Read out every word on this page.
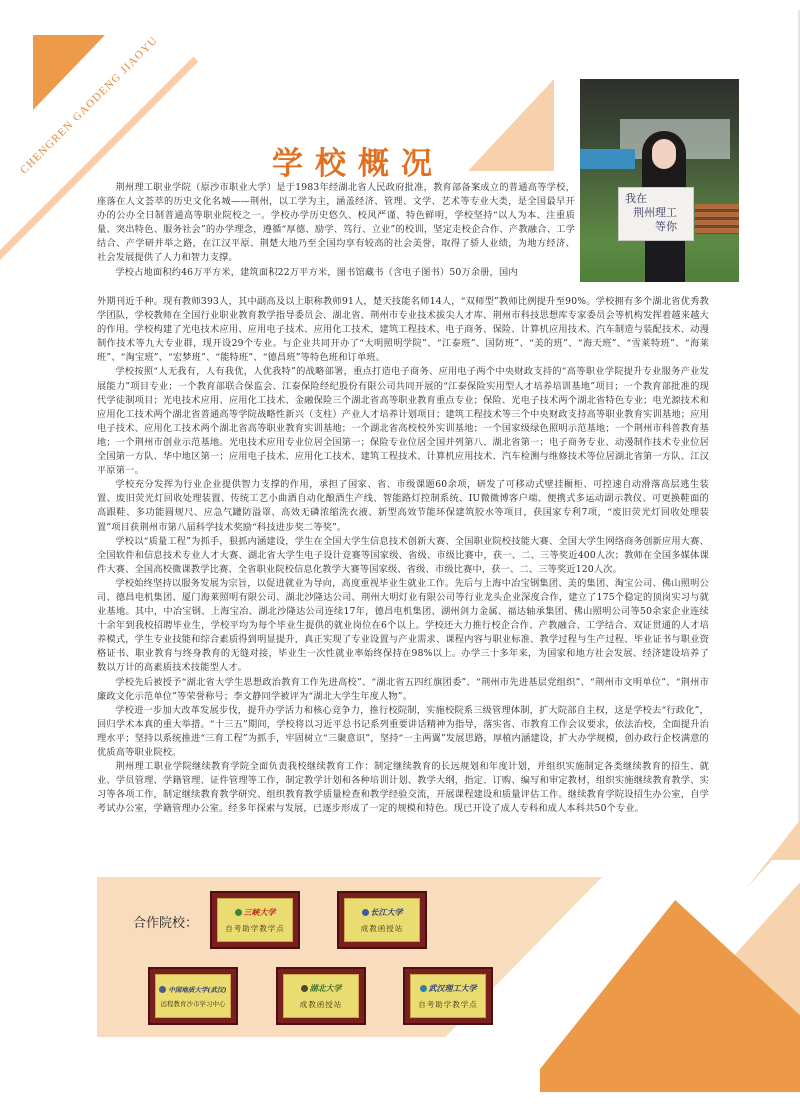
CHENGREN GAODENG JIAOYU	学校概况
我在
荆州理工
等你

荆州理工职业学院（原沙市职业大学）是于1983年经湖北省人民政府批准，教育部备案成立的普通高等学校，座落在人文荟萃的历史文化名城——荆州，以工学为主，涵盖经济、管理、文学、艺术等专业大类，是全国最早开办的公办全日制普通高等职业院校之一。学校办学历史悠久、校风严谨、特色鲜明，学校坚持“以人为本、注重质量、突出特色、服务社会”的办学理念，遵循“厚德、励学、笃行、立业”的校训，坚定走校企合作、产教融合、工学结合、产学研并举之路，在江汉平原、荆楚大地乃至全国均享有较高的社会美誉，取得了骄人业绩，为地方经济、社会发展提供了人力和智力支撑。

学校占地面积约46万平方米，建筑面积22万平方米，图书馆藏书（含电子图书）50万余册，国内

外期刊近千种。现有教师393人，其中副高及以上职称教师91人，楚天技能名师14人，“双师型”教师比例提升至90%。学校拥有多个湖北省优秀教学团队，学校教师在全国行业职业教育教学指导委员会、湖北省、荆州市专业技术拔尖人才库、荆州市科技思想库专家委员会等机构发挥着越来越大的作用。学校构建了光电技术应用、应用电子技术、应用化工技术、建筑工程技术、电子商务、保险、计算机应用技术、汽车制造与装配技术、动漫制作技术等九大专业群，现开设29个专业。与企业共同开办了“大明照明学院”、“江泰班”、国防班”、“美的班”、“海天班”、“雪莱特班”、“海莱班”、“淘宝班”、“宏梦班”、“能特班”、“德昌班”等特色班和订单班。

学校按照“人无我有，人有我优，人优我特”的战略部署，重点打造电子商务、应用电子两个中央财政支持的“高等职业学院提升专业服务产业发展能力”项目专业；一个教育部联合保监会、江泰保险经纪股份有限公司共同开展的“江泰保险实用型人才培养培训基地”项目；一个教育部批准的现代学徒制项目；光电技术应用、应用化工技术、金融保险三个湖北省高等职业教育重点专业；保险、光电子技术两个湖北省特色专业；电光源技术和应用化工技术两个湖北省普通高等学院战略性新兴（支柱）产业人才培养计划项目；建筑工程技术等三个中央财政支持高等职业教育实训基地；应用电子技术、应用化工技术两个湖北省高等职业教育实训基地；一个湖北省高校校外实训基地；一个国家级绿色照明示范基地；一个荆州市科普教育基地；一个荆州市创业示范基地。光电技术应用专业位居全国第一；保险专业位居全国并列第八、湖北省第一；电子商务专业、动漫制作技术专业位居全国第一方队、华中地区第一；应用电子技术、应用化工技术、建筑工程技术、计算机应用技术、汽车检测与维修技术等位居湖北省第一方队、江汉平原第一。

学校充分发挥为行业企业提供智力支撑的作用，承担了国家、省、市级课题60余项，研发了可移动式壁挂橱柜、可控速自动滑落高层逃生装置、废旧荧光灯回收处理装置、传统工艺小曲酒自动化酿酒生产线、智能路灯控制系统、IU微微博客户端、便携式多运动副示教仪、可更换鞋面的高跟鞋、多功能圆规尺、应急气罐防溢罩、高效无磷浓缩洗衣液、新型高效节能环保建筑胶水等项目，获国家专利7项，“废旧荧光灯回收处理装置”项目获荆州市第八届科学技术奖励“科技进步奖二等奖”。

学校以“质量工程”为抓手，狠抓内涵建设，学生在全国大学生信息技术创新大赛、全国职业院校技能大赛、全国大学生网络商务创新应用大赛、全国软件和信息技术专业人才大赛、湖北省大学生电子设计竞赛等国家级、省级、市级比赛中，获一、二、三等奖近400人次；教师在全国多媒体课件大赛、全国高校微课教学比赛、全省职业院校信息化教学大赛等国家级、省级、市级比赛中，获一、二、三等奖近120人次。

学校始终坚持以服务发展为宗旨，以促进就业为导向，高度重视毕业生就业工作。先后与上海中冶宝钢集团、美的集团、淘宝公司、佛山照明公司、德昌电机集团、厦门海莱照明有限公司、湖北沙隆达公司、荆州大明灯业有限公司等行业龙头企业深度合作，建立了175个稳定的顶岗实习与就业基地。其中，中冶宝钢、上海宝冶、湖北沙隆达公司连续17年，德昌电机集团、湖州剑力金属、福达轴承集团、佛山照明公司等50余家企业连续十余年到我校招聘毕业生，学校平均为每个毕业生提供的就业岗位在6个以上。学校还大力推行校企合作、产教融合、工学结合、双证贯通的人才培养模式，学生专业技能和综合素质得到明显提升，真正实现了专业设置与产业需求、课程内容与职业标准、教学过程与生产过程、毕业证书与职业资格证书、职业教育与终身教育的无缝对接，毕业生一次性就业率始终保持在98%以上。办学三十多年来，为国家和地方社会发展、经济建设培养了数以万计的高素质技术技能型人才。

学校先后被授予“湖北省大学生思想政治教育工作先进高校”、“湖北省五四红旗团委”、“荆州市先进基层党组织”、“荆州市文明单位”、“荆州市廉政文化示范单位”等荣誉称号；李文静同学被评为“湖北大学生年度人物”。

学校进一步加大改革发展步伐，提升办学活力和核心竞争力，推行校院制，实施校院系三级管理体制，扩大院部自主权，这是学校去“行政化”，回归学术本真的重大举措。“十三五”期间，学校将以习近平总书记系列重要讲话精神为指导，落实省、市教育工作会议要求，依法治校，全面提升治理水平；坚持以系统推进“三育工程”为抓手，牢固树立“三聚意识”，坚持“一主两翼”发展思路，厚植内涵建设，扩大办学规模，创办政行企校满意的优质高等职业院校。

荆州理工职业学院继续教育学院全面负责我校继续教育工作：制定继续教育的长远规划和年度计划，并组织实施制定各类继续教育的招生、就业、学员管理、学籍管理、证件管理等工作，制定教学计划和各种培训计划、教学大纲，指定、订购、编写和审定教材，组织实施继续教育教学、实习等各项工作，制定继续教育教学研究、组织教育教学质量检查和教学经验交流，开展课程建设和质量评估工作。继续教育学院设招生办公室，自学考试办公室，学籍管理办公室。经多年探索与发展，已逐步形成了一定的规模和特色。现已开设了成人专科和成人本科共50个专业。

合作院校：
三峡大学
自考助学教学点
长江大学
成教函授站
中国地质大学(武汉)
远程教育沙市学习中心
湖北大学
成教函授站
武汉理工大学
自考助学教学点
